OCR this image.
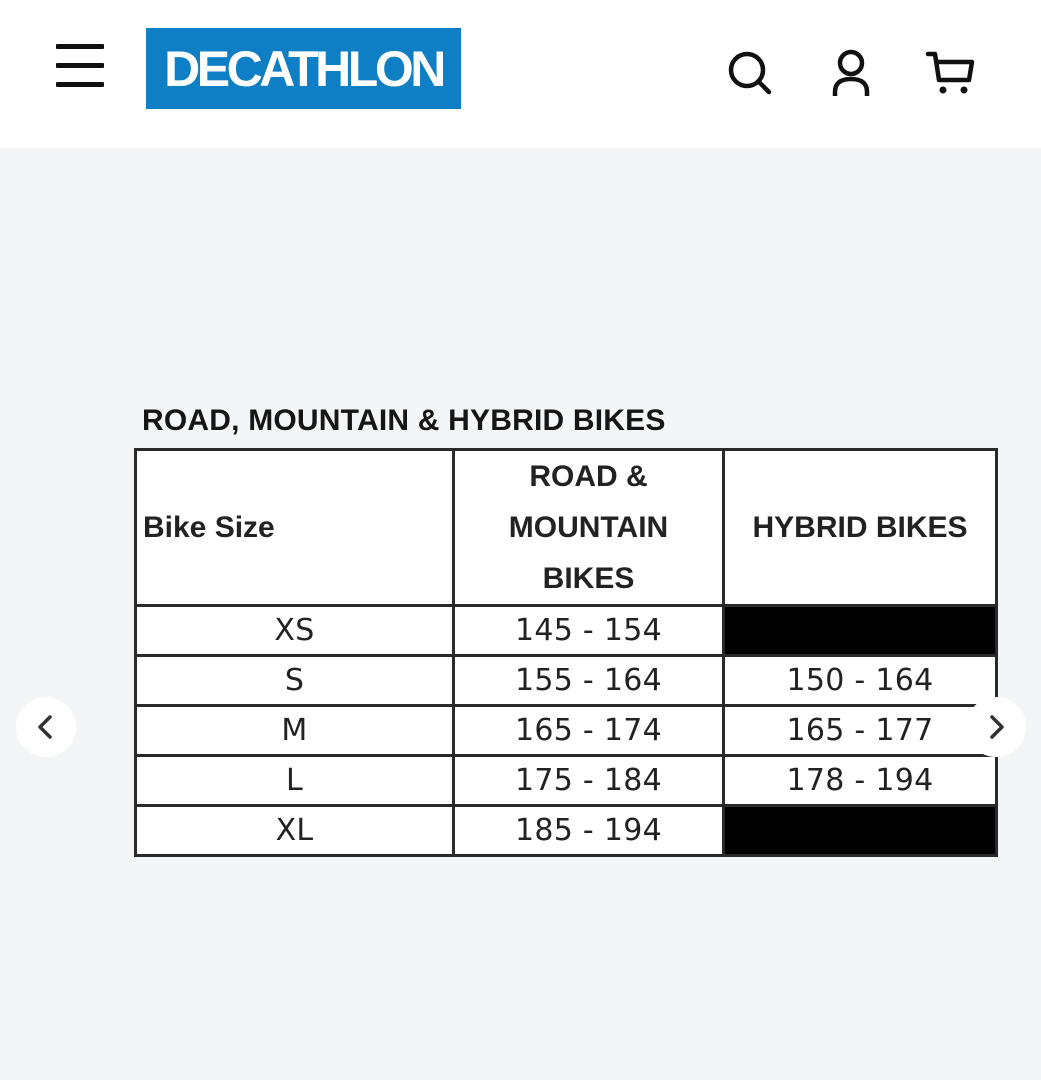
DECATHLON
ROAD, MOUNTAIN & HYBRID BIKES
Bike Size	ROAD &
MOUNTAIN
BIKES	HYBRID BIKES
XS	145 - 154	
S	155 - 164	150 - 164
M	165 - 174	165 - 177
L	175 - 184	178 - 194
XL	185 - 194	
